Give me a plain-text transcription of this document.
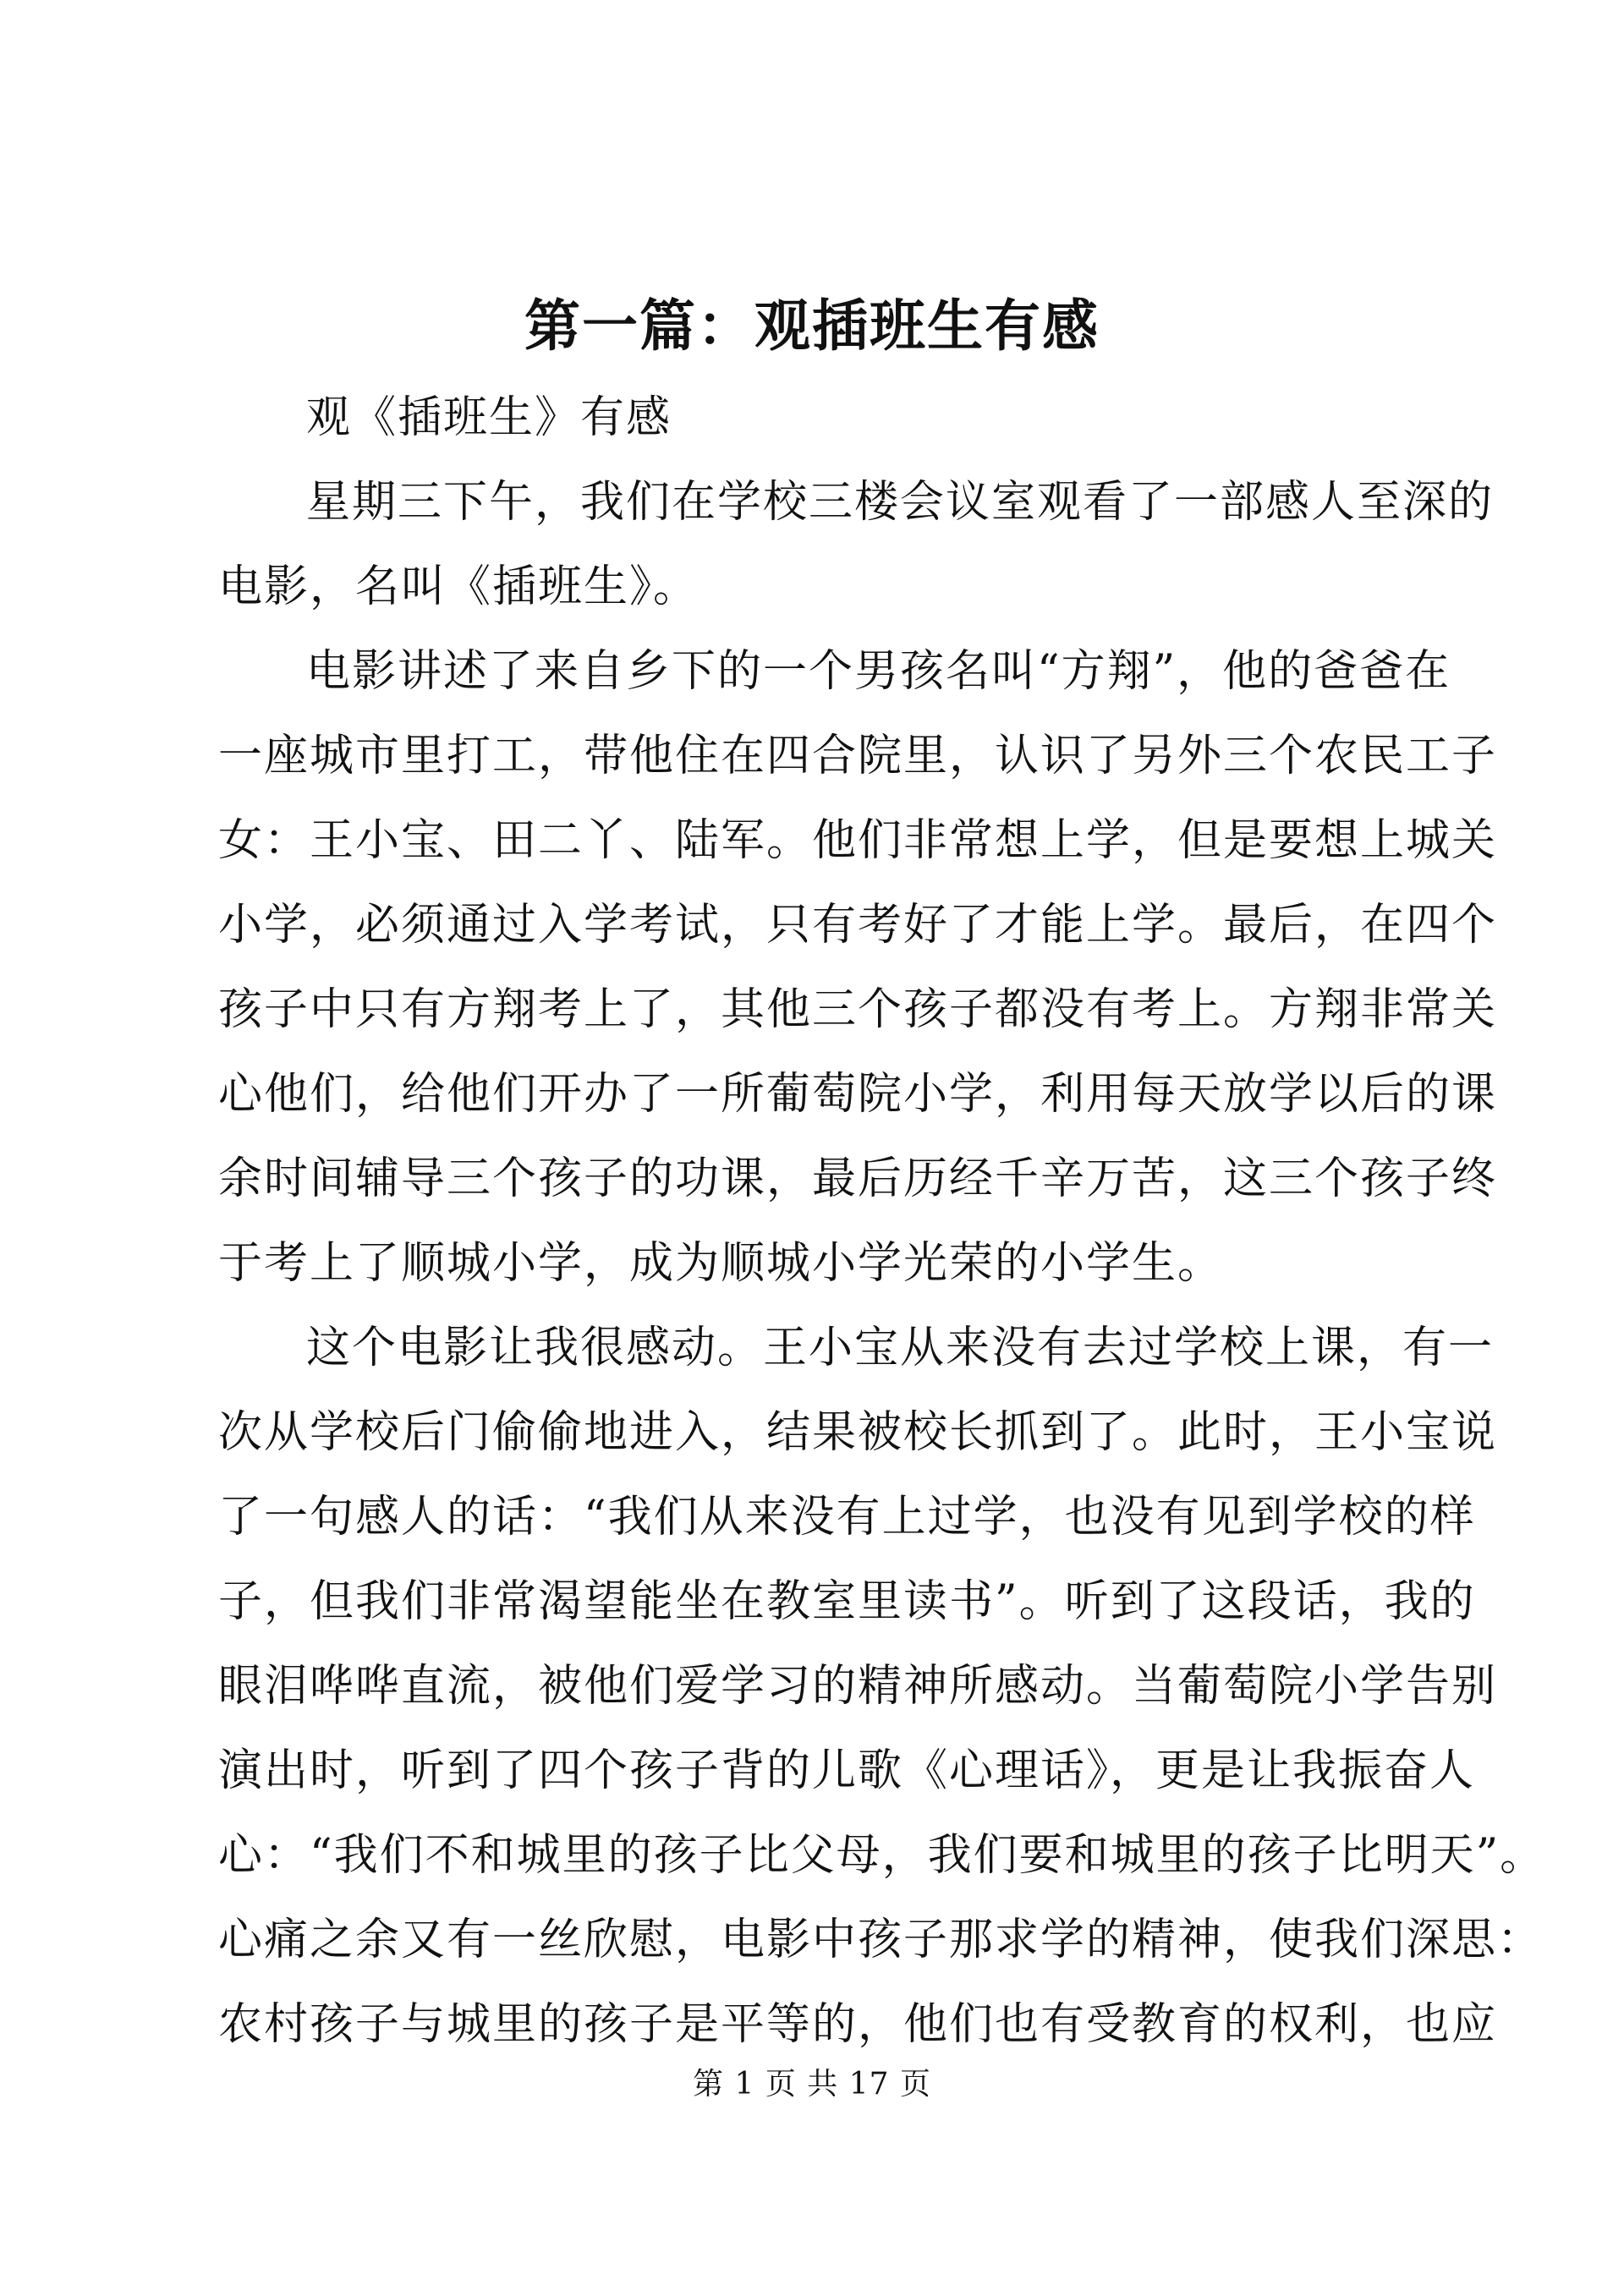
第一篇：观插班生有感
观《插班生》有感
星期三下午，我们在学校三楼会议室观看了一部感人至深的
电影，名叫《插班生》。
电影讲述了来自乡下的一个男孩名叫“方翔”，他的爸爸在
一座城市里打工，带他住在四合院里，认识了另外三个农民工子
女：王小宝、田二丫、陆军。他们非常想上学，但是要想上城关
小学，必须通过入学考试，只有考好了才能上学。最后，在四个
孩子中只有方翔考上了，其他三个孩子都没有考上。方翔非常关
心他们，给他们开办了一所葡萄院小学，利用每天放学以后的课
余时间辅导三个孩子的功课，最后历经千辛万苦，这三个孩子终
于考上了顺城小学，成为顺城小学光荣的小学生。
这个电影让我很感动。王小宝从来没有去过学校上课，有一
次从学校后门偷偷地进入，结果被校长抓到了。此时，王小宝说
了一句感人的话：“我们从来没有上过学，也没有见到学校的样
子，但我们非常渴望能坐在教室里读书”。听到了这段话，我的
眼泪哗哗直流，被他们爱学习的精神所感动。当葡萄院小学告别
演出时，听到了四个孩子背的儿歌《心理话》，更是让我振奋人
心：“我们不和城里的孩子比父母，我们要和城里的孩子比明天”。
心痛之余又有一丝欣慰，电影中孩子那求学的精神，使我们深思：
农村孩子与城里的孩子是平等的，他们也有受教育的权利，也应
第 1 页 共 17 页
